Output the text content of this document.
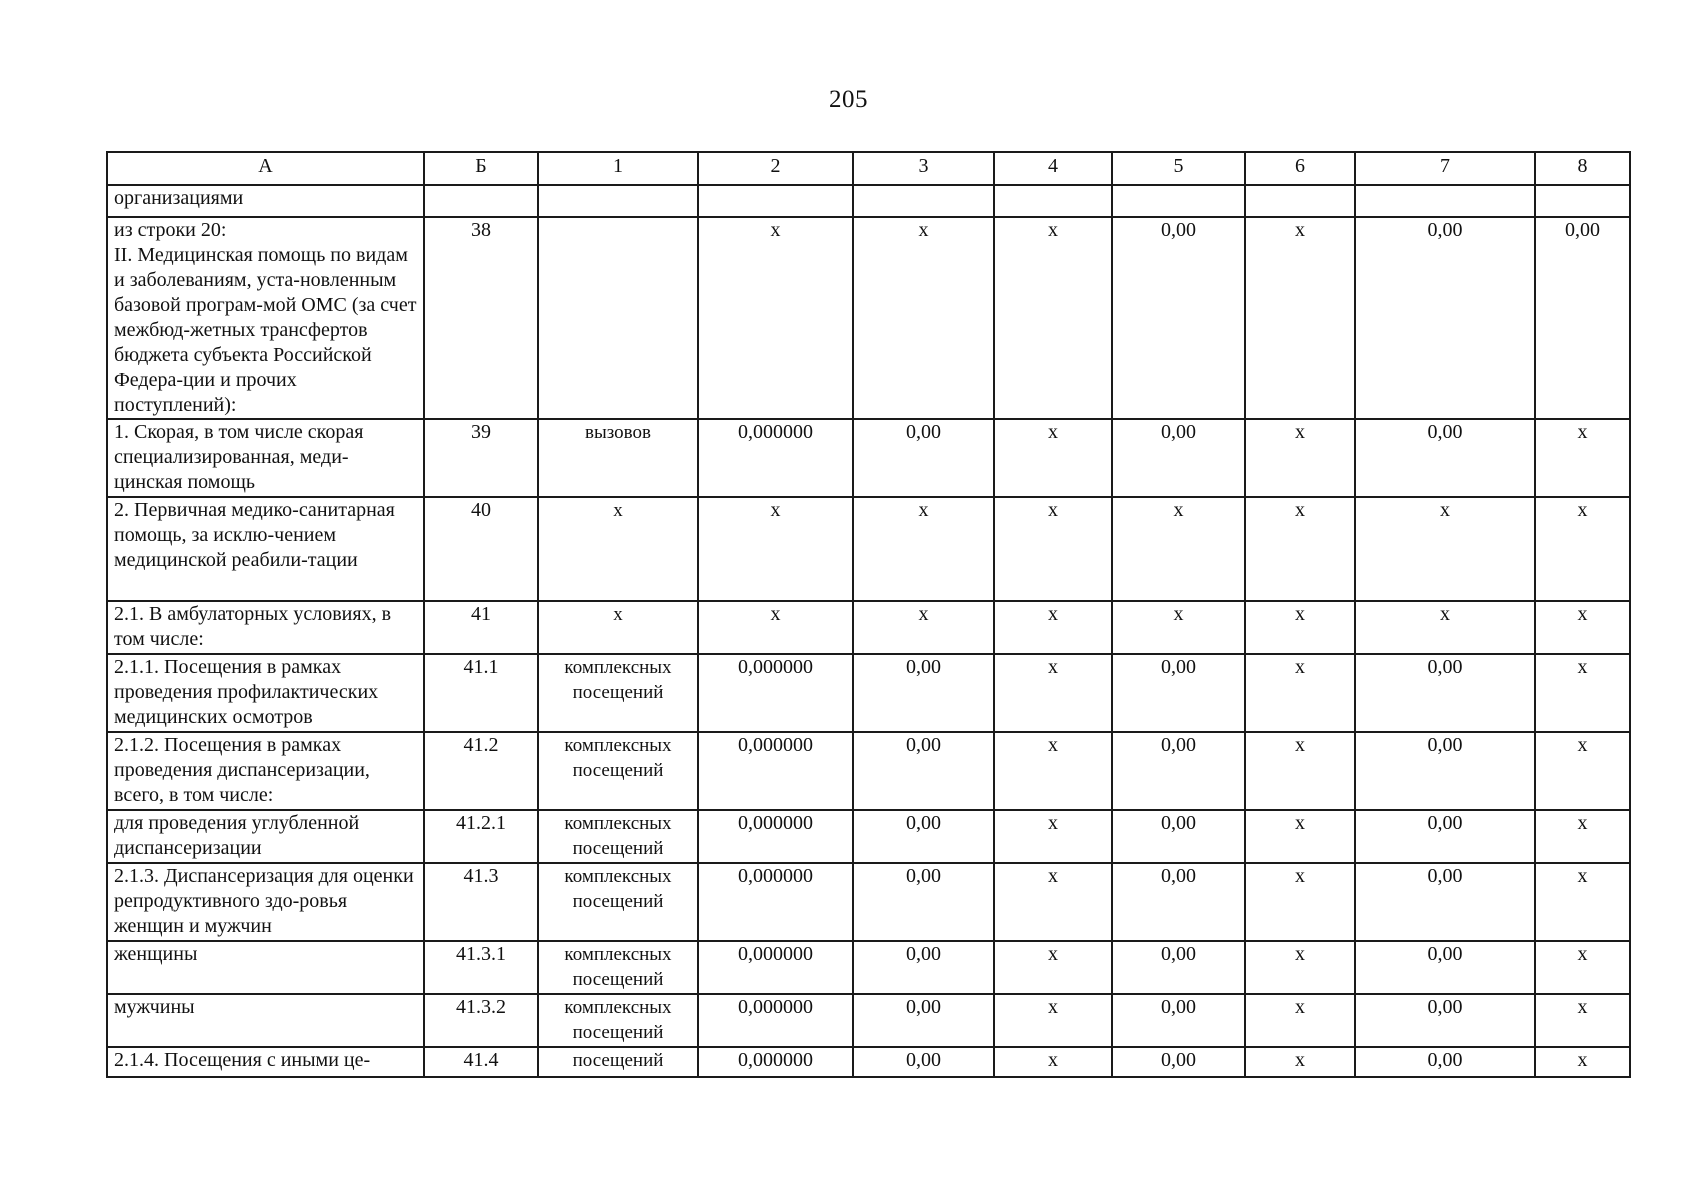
205
А	Б	1	2	3	4	5	6	7	8
организациями									
из строки 20:
II. Медицинская помощь по видам и заболеваниям, уста-новленным базовой програм-мой ОМС (за счет межбюд-жетных трансфертов бюджета субъекта Российской Федера-ции и прочих поступлений):	38		х	х	х	0,00	х	0,00	0,00
1. Скорая, в том числе скорая специализированная, меди-цинская помощь	39	вызовов	0,000000	0,00	х	0,00	х	0,00	х
2. Первичная медико-санитарная помощь, за исклю-чением медицинской реабили-тации	40	х	х	х	х	х	х	х	х
2.1. В амбулаторных условиях, в том числе:	41	х	х	х	х	х	х	х	х
2.1.1. Посещения в рамках проведения профилактических медицинских осмотров	41.1	комплексных посещений	0,000000	0,00	х	0,00	х	0,00	х
2.1.2. Посещения в рамках проведения диспансеризации, всего, в том числе:	41.2	комплексных посещений	0,000000	0,00	х	0,00	х	0,00	х
для проведения углубленной диспансеризации	41.2.1	комплексных посещений	0,000000	0,00	х	0,00	х	0,00	х
2.1.3. Диспансеризация для оценки репродуктивного здо-ровья женщин и мужчин	41.3	комплексных посещений	0,000000	0,00	х	0,00	х	0,00	х
женщины	41.3.1	комплексных посещений	0,000000	0,00	х	0,00	х	0,00	х
мужчины	41.3.2	комплексных посещений	0,000000	0,00	х	0,00	х	0,00	х
2.1.4. Посещения с иными це-	41.4	посещений	0,000000	0,00	х	0,00	х	0,00	х
